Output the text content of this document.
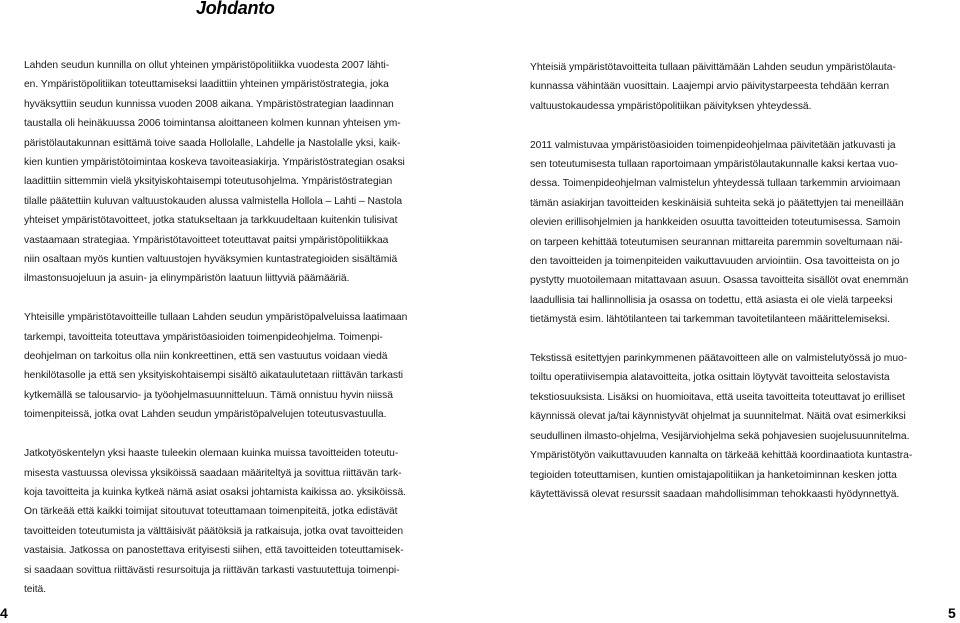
Johdanto
Lahden seudun kunnilla on ollut yhteinen ympäristöpolitiikka vuodesta 2007 lähti-
en. Ympäristöpolitiikan toteuttamiseksi laadittiin yhteinen ympäristöstrategia, joka
hyväksyttiin seudun kunnissa vuoden 2008 aikana. Ympäristöstrategian laadinnan
taustalla oli heinäkuussa 2006 toimintansa aloittaneen kolmen kunnan yhteisen ym-
päristölautakunnan esittämä toive saada Hollolalle, Lahdelle ja Nastolalle yksi, kaik-
kien kuntien ympäristötoimintaa koskeva tavoiteasiakirja. Ympäristöstrategian osaksi
laadittiin sittemmin vielä yksityiskohtaisempi toteutusohjelma. Ympäristöstrategian
tilalle päätettiin kuluvan valtuustokauden alussa valmistella Hollola – Lahti – Nastola
yhteiset ympäristötavoitteet, jotka statukseltaan ja tarkkuudeltaan kuitenkin tulisivat
vastaamaan strategiaa. Ympäristötavoitteet toteuttavat paitsi ympäristöpolitiikkaa
niin osaltaan myös kuntien valtuustojen hyväksymien kuntastrategioiden sisältämiä
ilmastonsuojeluun ja asuin- ja elinympäristön laatuun liittyviä päämääriä.
Yhteisille ympäristötavoitteille tullaan Lahden seudun ympäristöpalveluissa laatimaan
tarkempi, tavoitteita toteuttava ympäristöasioiden toimenpideohjelma. Toimenpi-
deohjelman on tarkoitus olla niin konkreettinen, että sen vastuutus voidaan viedä
henkilötasolle ja että sen yksityiskohtaisempi sisältö aikataulutetaan riittävän tarkasti
kytkemällä se talousarvio- ja työohjelmasuunnitteluun. Tämä onnistuu hyvin niissä
toimenpiteissä, jotka ovat Lahden seudun ympäristöpalvelujen toteutusvastuulla.
Jatkotyöskentelyn yksi haaste tuleekin olemaan kuinka muissa tavoitteiden toteutu-
misesta vastuussa olevissa yksiköissä saadaan määriteltyä ja sovittua riittävän tark-
koja tavoitteita ja kuinka kytkeä nämä asiat osaksi johtamista kaikissa ao. yksiköissä.
On tärkeää että kaikki toimijat sitoutuvat toteuttamaan toimenpiteitä, jotka edistävät
tavoitteiden toteutumista ja välttäisivät päätöksiä ja ratkaisuja, jotka ovat tavoitteiden
vastaisia. Jatkossa on panostettava erityisesti siihen, että tavoitteiden toteuttamisek-
si saadaan sovittua riittävästi resursoituja ja riittävän tarkasti vastuutettuja toimenpi-
teitä.
Yhteisiä ympäristötavoitteita tullaan päivittämään Lahden seudun ympäristölauta-
kunnassa vähintään vuosittain. Laajempi arvio päivitystarpeesta tehdään kerran
valtuustokaudessa ympäristöpolitiikan päivityksen yhteydessä.
2011 valmistuvaa ympäristöasioiden toimenpideohjelmaa päivitetään jatkuvasti ja
sen toteutumisesta tullaan raportoimaan ympäristölautakunnalle kaksi kertaa vuo-
dessa. Toimenpideohjelman valmistelun yhteydessä tullaan tarkemmin arvioimaan
tämän asiakirjan tavoitteiden keskinäisiä suhteita sekä jo päätettyjen tai meneillään
olevien erillisohjelmien ja hankkeiden osuutta tavoitteiden toteutumisessa. Samoin
on tarpeen kehittää toteutumisen seurannan mittareita paremmin soveltumaan näi-
den tavoitteiden ja toimenpiteiden vaikuttavuuden arviointiin. Osa tavoitteista on jo
pystytty muotoilemaan mitattavaan asuun. Osassa tavoitteita sisällöt ovat enemmän
laadullisia tai hallinnollisia ja osassa on todettu, että asiasta ei ole vielä tarpeeksi
tietämystä esim. lähtötilanteen tai tarkemman tavoitetilanteen määrittelemiseksi.
Tekstissä esitettyjen parinkymmenen päätavoitteen alle on valmistelutyössä jo muo-
toiltu operatiivisempia alatavoitteita, jotka osittain löytyvät tavoitteita selostavista
tekstiosuuksista. Lisäksi on huomioitava, että useita tavoitteita toteuttavat jo erilliset
käynnissä olevat ja/tai käynnistyvät ohjelmat ja suunnitelmat. Näitä ovat esimerkiksi
seudullinen ilmasto-ohjelma, Vesijärviohjelma sekä pohjavesien suojelusuunnitelma.
Ympäristötyön vaikuttavuuden kannalta on tärkeää kehittää koordinaatiota kuntastra-
tegioiden toteuttamisen, kuntien omistajapolitiikan ja hanketoiminnan kesken jotta
käytettävissä olevat resurssit saadaan mahdollisimman tehokkaasti hyödynnettyä.
4	5
